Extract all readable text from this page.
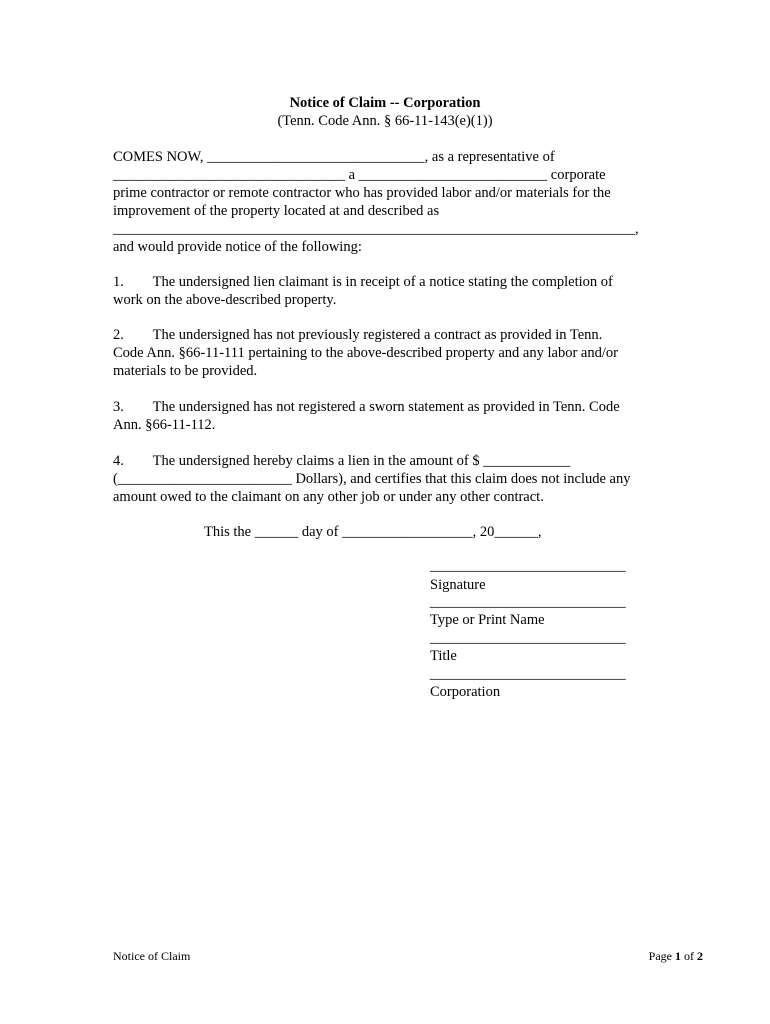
Notice of Claim -- Corporation
(Tenn. Code Ann. § 66-11-143(e)(1))
COMES NOW, ______________________________, as a representative of
________________________________ a __________________________ corporate
prime contractor or remote contractor who has provided labor and/or materials for the
improvement of the property located at and described as
________________________________________________________________________,
and would provide notice of the following:
1.        The undersigned lien claimant is in receipt of a notice stating the completion of
work on the above-described property.
2.        The undersigned has not previously registered a contract as provided in Tenn.
Code Ann. §66-11-111 pertaining to the above-described property and any labor and/or
materials to be provided.
3.        The undersigned has not registered a sworn statement as provided in Tenn. Code
Ann. §66-11-112.
4.        The undersigned hereby claims a lien in the amount of $ ____________
(________________________ Dollars), and certifies that this claim does not include any
amount owed to the claimant on any other job or under any other contract.
This the ______ day of __________________, 20______,
___________________________
Signature
___________________________
Type or Print Name
___________________________
Title
___________________________
Corporation
Notice of Claim	Page 1 of 2
